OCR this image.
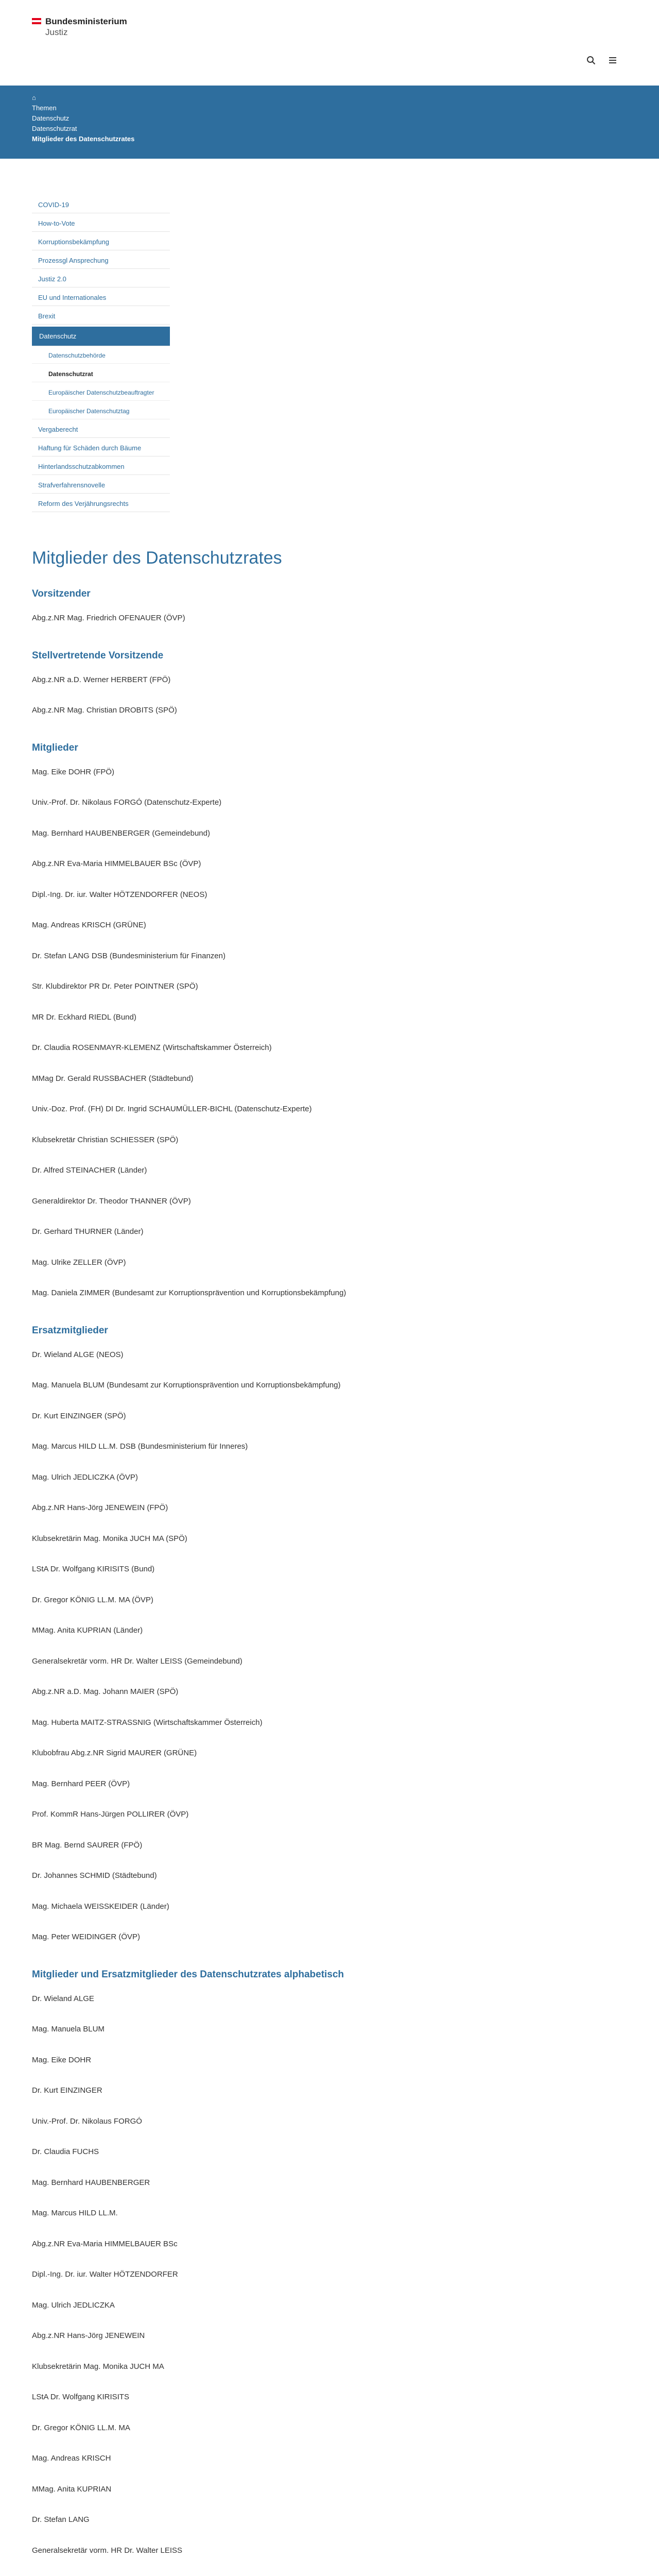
Bundesministerium
Justiz
⌂
Themen
Datenschutz
Datenschutzrat
Mitglieder des Datenschutzrates
COVID-19
How-to-Vote
Korruptionsbekämpfung
Prozessgl Ansprechung
Justiz 2.0
EU und Internationales
Brexit
Datenschutz
Datenschutzbehörde
Datenschutzrat
Europäischer Datenschutzbeauftragter
Europäischer Datenschutztag
Vergaberecht
Haftung für Schäden durch Bäume
Hinterlandsschutzabkommen
Strafverfahrensnovelle
Reform des Verjährungsrechts
Mitglieder des Datenschutzrates
Vorsitzender
Abg.z.NR Mag. Friedrich OFENAUER (ÖVP)
Stellvertretende Vorsitzende
Abg.z.NR a.D. Werner HERBERT (FPÖ)
Abg.z.NR Mag. Christian DROBITS (SPÖ)
Mitglieder
Mag. Eike DOHR (FPÖ)
Univ.-Prof. Dr. Nikolaus FORGÓ (Datenschutz-Experte)
Mag. Bernhard HAUBENBERGER (Gemeindebund)
Abg.z.NR Eva-Maria HIMMELBAUER BSc (ÖVP)
Dipl.-Ing. Dr. iur. Walter HÖTZENDORFER (NEOS)
Mag. Andreas KRISCH (GRÜNE)
Dr. Stefan LANG DSB (Bundesministerium für Finanzen)
Str. Klubdirektor PR Dr. Peter POINTNER (SPÖ)
MR Dr. Eckhard RIEDL (Bund)
Dr. Claudia ROSENMAYR-KLEMENZ (Wirtschaftskammer Österreich)
MMag Dr. Gerald RUSSBACHER (Städtebund)
Univ.-Doz. Prof. (FH) DI Dr. Ingrid SCHAUMÜLLER-BICHL (Datenschutz-Experte)
Klubsekretär Christian SCHIESSER (SPÖ)
Dr. Alfred STEINACHER (Länder)
Generaldirektor Dr. Theodor THANNER (ÖVP)
Dr. Gerhard THURNER (Länder)
Mag. Ulrike ZELLER (ÖVP)
Mag. Daniela ZIMMER (Bundesamt zur Korruptionsprävention und Korruptionsbekämpfung)
Ersatzmitglieder
Dr. Wieland ALGE (NEOS)
Mag. Manuela BLUM (Bundesamt zur Korruptionsprävention und Korruptionsbekämpfung)
Dr. Kurt EINZINGER (SPÖ)
Mag. Marcus HILD LL.M. DSB (Bundesministerium für Inneres)
Mag. Ulrich JEDLICZKA (ÖVP)
Abg.z.NR Hans-Jörg JENEWEIN (FPÖ)
Klubsekretärin Mag. Monika JUCH MA (SPÖ)
LStA Dr. Wolfgang KIRISITS (Bund)
Dr. Gregor KÖNIG LL.M. MA (ÖVP)
MMag. Anita KUPRIAN (Länder)
Generalsekretär vorm. HR Dr. Walter LEISS (Gemeindebund)
Abg.z.NR a.D. Mag. Johann MAIER (SPÖ)
Mag. Huberta MAITZ-STRASSNIG (Wirtschaftskammer Österreich)
Klubobfrau Abg.z.NR Sigrid MAURER (GRÜNE)
Mag. Bernhard PEER (ÖVP)
Prof. KommR Hans-Jürgen POLLIRER (ÖVP)
BR Mag. Bernd SAURER (FPÖ)
Dr. Johannes SCHMID (Städtebund)
Mag. Michaela WEISSKEIDER (Länder)
Mag. Peter WEIDINGER (ÖVP)
Mitglieder und Ersatzmitglieder des Datenschutzrates alphabetisch
Dr. Wieland ALGE
Mag. Manuela BLUM
Mag. Eike DOHR
Dr. Kurt EINZINGER
Univ.-Prof. Dr. Nikolaus FORGÓ
Dr. Claudia FUCHS
Mag. Bernhard HAUBENBERGER
Mag. Marcus HILD LL.M.
Abg.z.NR Eva-Maria HIMMELBAUER BSc
Dipl.-Ing. Dr. iur. Walter HÖTZENDORFER
Mag. Ulrich JEDLICZKA
Abg.z.NR Hans-Jörg JENEWEIN
Klubsekretärin Mag. Monika JUCH MA
LStA Dr. Wolfgang KIRISITS
Dr. Gregor KÖNIG LL.M. MA
Mag. Andreas KRISCH
MMag. Anita KUPRIAN
Dr. Stefan LANG
Generalsekretär vorm. HR Dr. Walter LEISS
